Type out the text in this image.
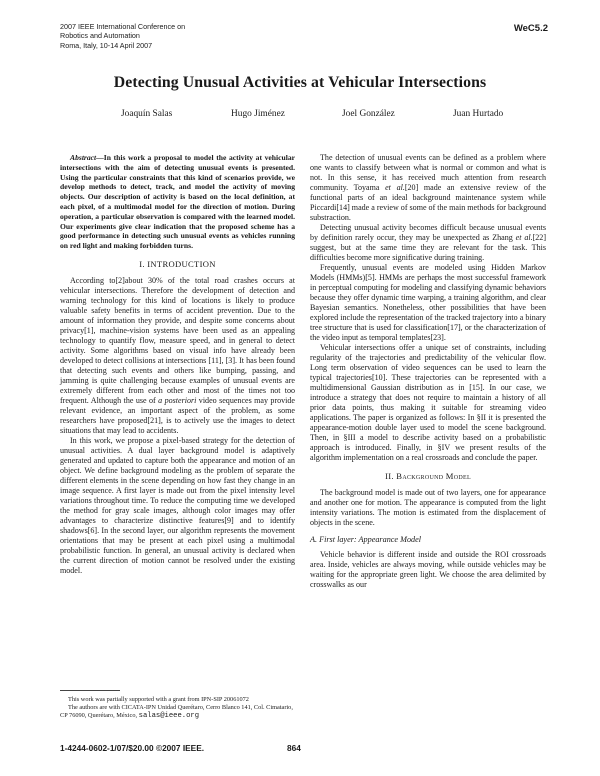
2007 IEEE International Conference on
Robotics and Automation
Roma, Italy, 10-14 April 2007
WeC5.2
Detecting Unusual Activities at Vehicular Intersections
Joaquín Salas	Hugo Jiménez	Joel González	Juan Hurtado

Abstract—In this work a proposal to model the activity at vehicular intersections with the aim of detecting unusual events is presented. Using the particular constraints that this kind of scenarios provide, we develop methods to detect, track, and model the activity of moving objects. Our description of activity is based on the local definition, at each pixel, of a multimodal model for the direction of motion. During operation, a particular observation is compared with the learned model. Our experiments give clear indication that the proposed scheme has a good performance in detecting such unusual events as vehicles running on red light and making forbidden turns.

I. INTRODUCTION

According to[2]about 30% of the total road crashes occurs at vehicular intersections. Therefore the development of detection and warning technology for this kind of locations is likely to produce valuable safety benefits in terms of accident prevention. Due to the amount of information they provide, and despite some concerns about privacy[1], machine-vision systems have been used as an appealing technology to quantify flow, measure speed, and in general to detect activity. Some algorithms based on visual info have already been developed to detect collisions at intersections [11], [3]. It has been found that detecting such events and others like bumping, passing, and jamming is quite challenging because examples of unusual events are extremely different from each other and most of the times not too frequent. Although the use of a posteriori video sequences may provide relevant evidence, an important aspect of the problem, as some researchers have proposed[21], is to actively use the images to detect situations that may lead to accidents.

In this work, we propose a pixel-based strategy for the detection of unusual activities. A dual layer background model is adaptively generated and updated to capture both the appearance and motion of an object. We define background modeling as the problem of separate the different elements in the scene depending on how fast they change in an image sequence. A first layer is made out from the pixel intensity level variations throughout time. To reduce the computing time we developed the method for gray scale images, although color images may offer advantages to characterize distinctive features[9] and to identify shadows[6]. In the second layer, our algorithm represents the movement orientations that may be present at each pixel using a multimodal probabilistic function. In general, an unusual activity is declared when the current direction of motion cannot be resolved under the existing model.

The detection of unusual events can be defined as a problem where one wants to classify between what is normal or common and what is not. In this sense, it has received much attention from research community. Toyama et al.[20] made an extensive review of the functional parts of an ideal background maintenance system while Piccardi[14] made a review of some of the main methods for background substraction.

Detecting unusual activity becomes difficult because unusual events by definition rarely occur, they may be unexpected as Zhang et al.[22] suggest, but at the same time they are relevant for the task. This difficulties become more significative during training.

Frequently, unusual events are modeled using Hidden Markov Models (HMMs)[5]. HMMs are perhaps the most successful framework in perceptual computing for modeling and classifying dynamic behaviors because they offer dynamic time warping, a training algorithm, and clear Bayesian semantics. Nonetheless, other possibilities that have been explored include the representation of the tracked trajectory into a binary tree structure that is used for classification[17], or the characterization of the video input as temporal templates[23].

Vehicular intersections offer a unique set of constraints, including regularity of the trajectories and predictability of the vehicular flow. Long term observation of video sequences can be used to learn the typical trajectories[10]. These trajectories can be represented with a multidimensional Gaussian distribution as in [15]. In our case, we introduce a strategy that does not require to maintain a history of all prior data points, thus making it suitable for streaming video applications. The paper is organized as follows: In §II it is presented the appearance-motion double layer used to model the scene background. Then, in §III a model to describe activity based on a probabilistic approach is introduced. Finally, in §IV we present results of the algorithm implementation on a real crossroads and conclude the paper.

II. Background Model

The background model is made out of two layers, one for appearance and another one for motion. The appearance is computed from the light intensity variations. The motion is estimated from the displacement of objects in the scene.

A. First layer: Appearance Model

Vehicle behavior is different inside and outside the ROI crossroads area. Inside, vehicles are always moving, while outside vehicles may be waiting for the appropriate green light. We choose the area delimited by crosswalks as our

This work was partially supported with a grant from IPN-SIP 20061072

The authors are with CICATA-IPN Unidad Querétaro, Cerro Blanco 141, Col. Cimatario, CP 76090, Querétaro, México, salas@ieee.org

1-4244-0602-1/07/$20.00 ©2007 IEEE.	864
